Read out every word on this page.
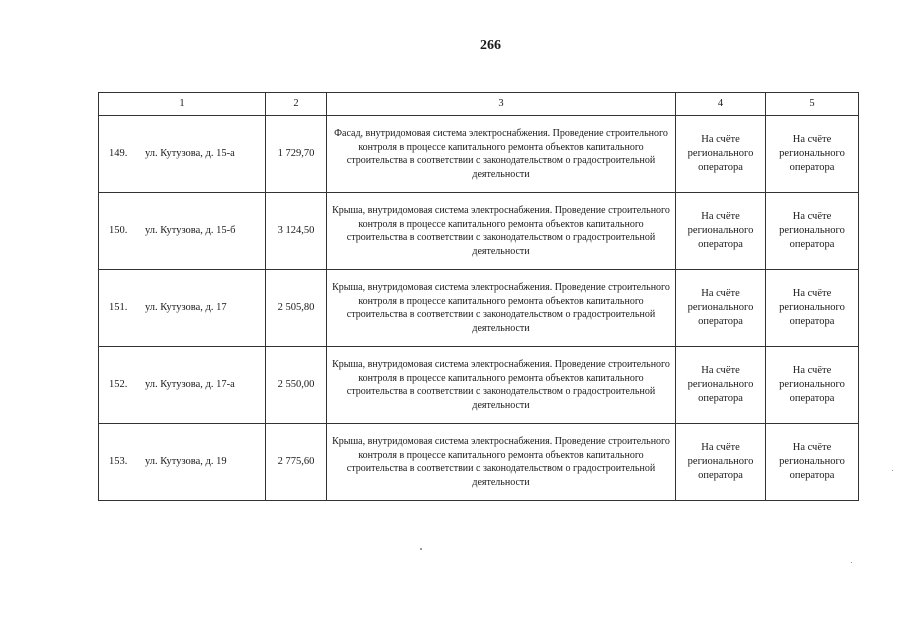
266
1	2	3	4	5
149. ул. Кутузова, д. 15-а	1 729,70	Фасад, внутридомовая система электроснабжения. Проведение строительного контроля в процессе капитального ремонта объектов капитального строительства в соответствии с законодательством о градостроительной деятельности	На счёте регионального оператора	На счёте регионального оператора
150. ул. Кутузова, д. 15-б	3 124,50	Крыша, внутридомовая система электроснабжения. Проведение строительного контроля в процессе капитального ремонта объектов капитального строительства в соответствии с законодательством о градостроительной деятельности	На счёте регионального оператора	На счёте регионального оператора
151. ул. Кутузова, д. 17	2 505,80	Крыша, внутридомовая система электроснабжения. Проведение строительного контроля в процессе капитального ремонта объектов капитального строительства в соответствии с законодательством о градостроительной деятельности	На счёте регионального оператора	На счёте регионального оператора
152. ул. Кутузова, д. 17-а	2 550,00	Крыша, внутридомовая система электроснабжения. Проведение строительного контроля в процессе капитального ремонта объектов капитального строительства в соответствии с законодательством о градостроительной деятельности	На счёте регионального оператора	На счёте регионального оператора
153. ул. Кутузова, д. 19	2 775,60	Крыша, внутридомовая система электроснабжения. Проведение строительного контроля в процессе капитального ремонта объектов капитального строительства в соответствии с законодательством о градостроительной деятельности	На счёте регионального оператора	На счёте регионального оператора
